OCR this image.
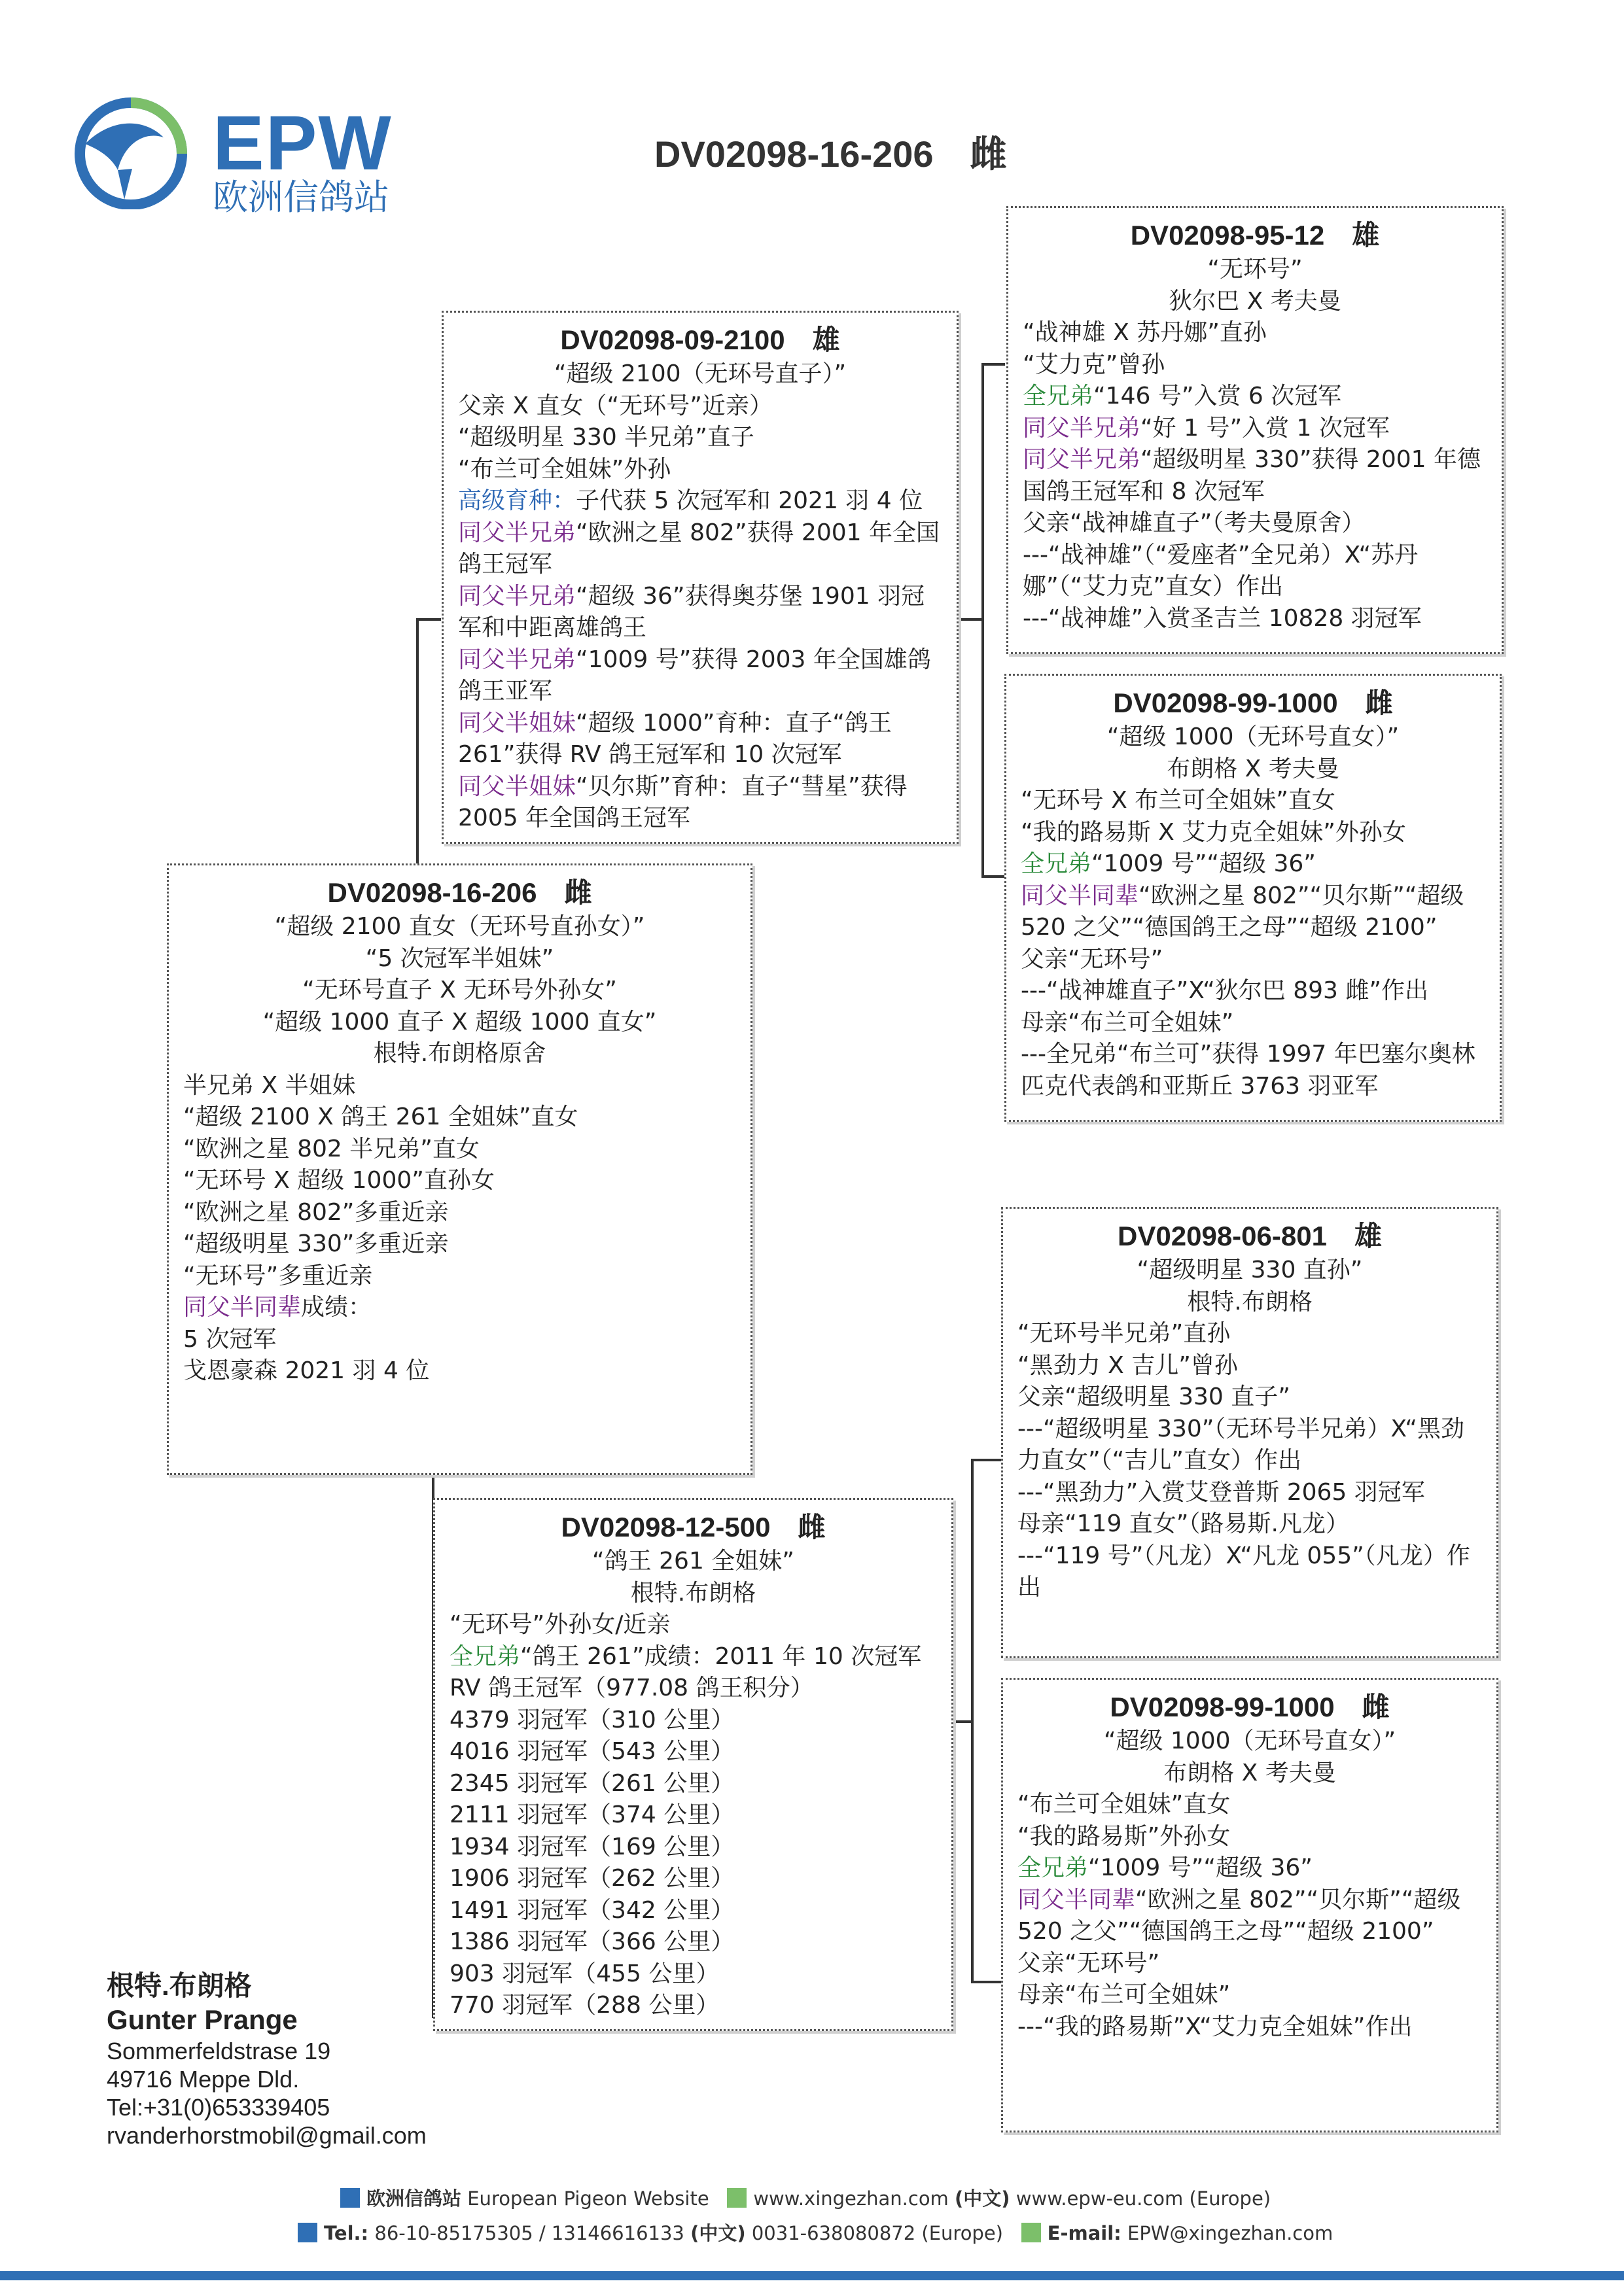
EPW
欧洲信鸽站
DV02098-16-206　雌
DV02098-09-2100　雄
“超级 2100（无环号直子）”
父亲 X 直女（“无环号”近亲）
“超级明星 330 半兄弟”直子
“布兰可全姐妹”外孙
高级育种：子代获 5 次冠军和 2021 羽 4 位
同父半兄弟“欧洲之星 802”获得 2001 年全国鸽王冠军
同父半兄弟“超级 36”获得奥芬堡 1901 羽冠军和中距离雄鸽王
同父半兄弟“1009 号”获得 2003 年全国雄鸽鸽王亚军
同父半姐妹“超级 1000”育种：直子“鸽王 261”获得 RV 鸽王冠军和 10 次冠军
同父半姐妹“贝尔斯”育种：直子“彗星”获得 2005 年全国鸽王冠军
DV02098-16-206　雌
“超级 2100 直女（无环号直孙女）”
“5 次冠军半姐妹”
“无环号直子 X 无环号外孙女”
“超级 1000 直子 X 超级 1000 直女”
根特.布朗格原舍
半兄弟 X 半姐妹
“超级 2100 X 鸽王 261 全姐妹”直女
“欧洲之星 802 半兄弟”直女
“无环号 X 超级 1000”直孙女
“欧洲之星 802”多重近亲
“超级明星 330”多重近亲
“无环号”多重近亲
同父半同辈成绩：
5 次冠军
戈恩豪森 2021 羽 4 位
DV02098-12-500　雌
“鸽王 261 全姐妹”
根特.布朗格
“无环号”外孙女/近亲
全兄弟“鸽王 261”成绩：2011 年 10 次冠军　RV 鸽王冠军（977.08 鸽王积分）
4379 羽冠军（310 公里）
4016 羽冠军（543 公里）
2345 羽冠军（261 公里）
2111 羽冠军（374 公里）
1934 羽冠军（169 公里）
1906 羽冠军（262 公里）
1491 羽冠军（342 公里）
1386 羽冠军（366 公里）
903 羽冠军（455 公里）
770 羽冠军（288 公里）
DV02098-95-12　雄
“无环号”
狄尔巴 X 考夫曼
“战神雄 X 苏丹娜”直孙
“艾力克”曾孙
全兄弟“146 号”入赏 6 次冠军
同父半兄弟“好 1 号”入赏 1 次冠军
同父半兄弟“超级明星 330”获得 2001 年德国鸽王冠军和 8 次冠军
父亲“战神雄直子”（考夫曼原舍）
---“战神雄”（“爱座者”全兄弟）X“苏丹娜”（“艾力克”直女）作出
---“战神雄”入赏圣吉兰 10828 羽冠军
DV02098-99-1000　雌
“超级 1000（无环号直女）”
布朗格 X 考夫曼
“无环号 X 布兰可全姐妹”直女
“我的路易斯 X 艾力克全姐妹”外孙女
全兄弟“1009 号”“超级 36”
同父半同辈“欧洲之星 802”“贝尔斯”“超级 520 之父”“德国鸽王之母”“超级 2100”
父亲“无环号”
---“战神雄直子”X“狄尔巴 893 雌”作出
母亲“布兰可全姐妹”
---全兄弟“布兰可”获得 1997 年巴塞尔奥林匹克代表鸽和亚斯丘 3763 羽亚军
DV02098-06-801　雄
“超级明星 330 直孙”
根特.布朗格
“无环号半兄弟”直孙
“黑劲力 X 吉儿”曾孙
父亲“超级明星 330 直子”
---“超级明星 330”（无环号半兄弟）X“黑劲力直女”（“吉儿”直女）作出
---“黑劲力”入赏艾登普斯 2065 羽冠军
母亲“119 直女”（路易斯.凡龙）
---“119 号”（凡龙）X“凡龙 055”（凡龙）作出
DV02098-99-1000　雌
“超级 1000（无环号直女）”
布朗格 X 考夫曼
“布兰可全姐妹”直女
“我的路易斯”外孙女
全兄弟“1009 号”“超级 36”
同父半同辈“欧洲之星 802”“贝尔斯”“超级 520 之父”“德国鸽王之母”“超级 2100”
父亲“无环号”
母亲“布兰可全姐妹”
---“我的路易斯”X“艾力克全姐妹”作出
根特.布朗格
Gunter Prange
Sommerfeldstrase 19
49716 Meppe Dld.
Tel:+31(0)653339405
rvanderhorstmobil@gmail.com
欧洲信鸽站 European Pigeon Website www.xingezhan.com (中文) www.epw-eu.com (Europe)
Tel.: 86-10-85175305 / 13146616133 (中文) 0031-638080872 (Europe) E-mail: EPW@xingezhan.com
